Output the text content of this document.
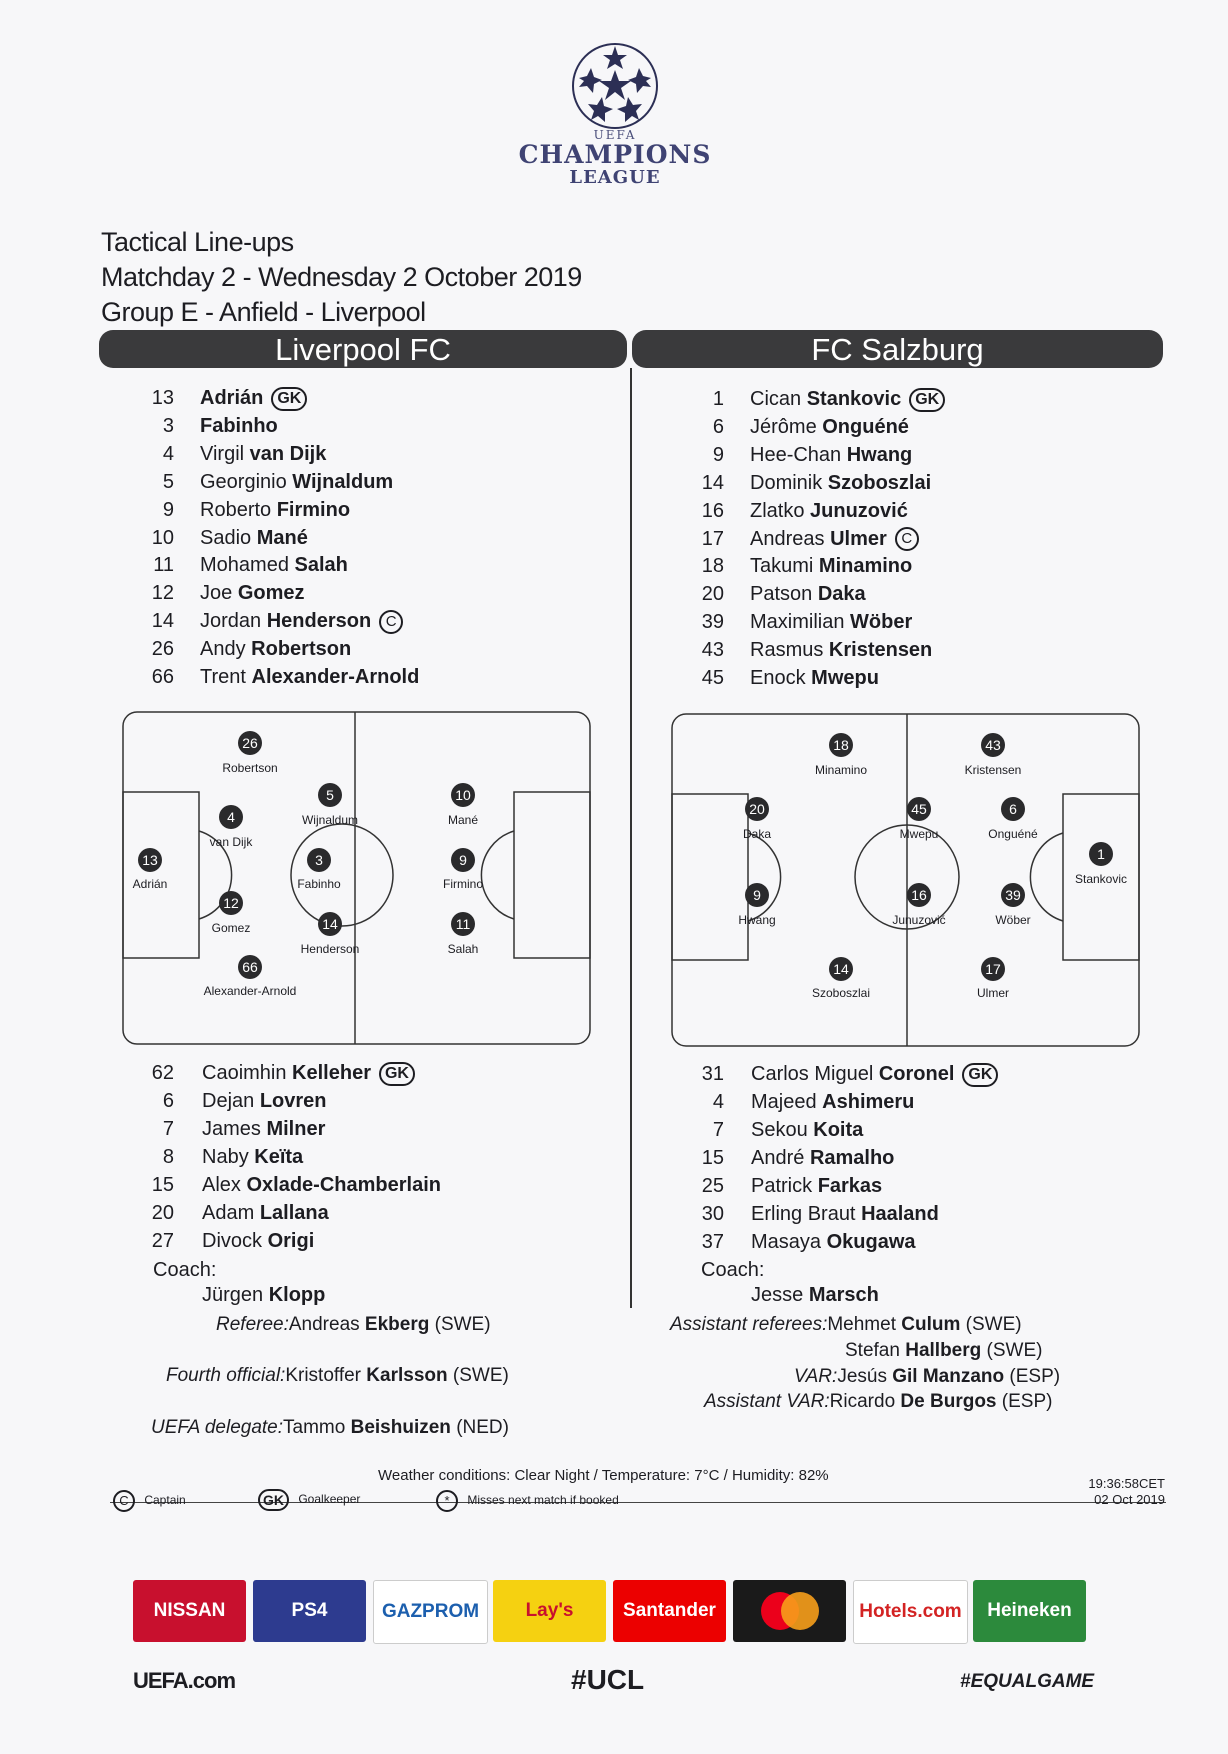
UEFA
CHAMPIONS
LEAGUE
Tactical Line-ups
Matchday 2 - Wednesday 2 October 2019
Group E - Anfield - Liverpool
Liverpool FC	FC Salzburg
13 Adrián GK
3 Fabinho
4 Virgil van Dijk
5 Georginio Wijnaldum
9 Roberto Firmino
10 Sadio Mané
11 Mohamed Salah
12 Joe Gomez
14 Jordan Henderson C
26 Andy Robertson
66 Trent Alexander-Arnold
1 Cican Stankovic GK
6 Jérôme Onguéné
9 Hee-Chan Hwang
14 Dominik Szoboszlai
16 Zlatko Junuzović
17 Andreas Ulmer C
18 Takumi Minamino
20 Patson Daka
39 Maximilian Wöber
43 Rasmus Kristensen
45 Enock Mwepu
26
Robertson
13
Adrián
4
van Dijk
12
Gomez
5
Wijnaldum
3
Fabinho
14
Henderson
10
Mané
9
Firmino
11
Salah
66
Alexander-Arnold
18
Minamino
43
Kristensen
20
Daka
45
Mwepu
6
Onguéné
1
Stankovic
9
Hwang
16
Junuzović
39
Wöber
14
Szoboszlai
17
Ulmer
62 Caoimhin Kelleher GK
6 Dejan Lovren
7 James Milner
8 Naby Keïta
15 Alex Oxlade-Chamberlain
20 Adam Lallana
27 Divock Origi
31 Carlos Miguel Coronel GK
4 Majeed Ashimeru
7 Sekou Koita
15 André Ramalho
25 Patrick Farkas
30 Erling Braut Haaland
37 Masaya Okugawa
Coach:
Jürgen Klopp
Coach:
Jesse Marsch
Referee:Andreas Ekberg (SWE)	Assistant referees:Mehmet Culum (SWE)
Stefan Hallberg (SWE)
Fourth official:Kristoffer Karlsson (SWE)	VAR:Jesús Gil Manzano (ESP)
Assistant VAR:Ricardo De Burgos (ESP)
UEFA delegate:Tammo Beishuizen (NED)
Weather conditions: Clear Night / Temperature: 7°C / Humidity: 82%
C Captain	GK Goalkeeper	* Misses next match if booked
19:36:58CET
02 Oct 2019
NISSAN	PS4	GAZPROM	Lay's	Santander	Hotels.com	Heineken
UEFA.com	#UCL	#EQUALGAME
